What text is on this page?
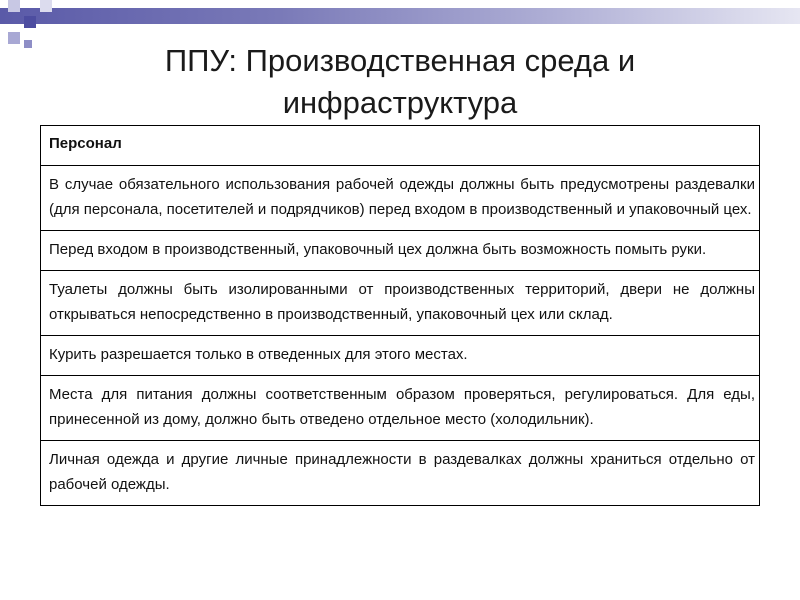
ППУ: Производственная среда и инфраструктура
Персонал
В случае обязательного использования рабочей одежды должны быть предусмотрены раздевалки (для персонала, посетителей и подрядчиков) перед входом в производственный и упаковочный цех.
Перед входом в производственный, упаковочный цех должна быть возможность помыть руки.
Туалеты должны быть изолированными от производственных территорий, двери не должны открываться непосредственно в производственный, упаковочный цех или склад.
Курить разрешается только в отведенных для этого местах.
Места для питания должны соответственным образом проверяться, регулироваться. Для еды, принесенной из дому, должно быть отведено отдельное место (холодильник).
Личная одежда и другие личные принадлежности в раздевалках должны храниться отдельно от рабочей одежды.
